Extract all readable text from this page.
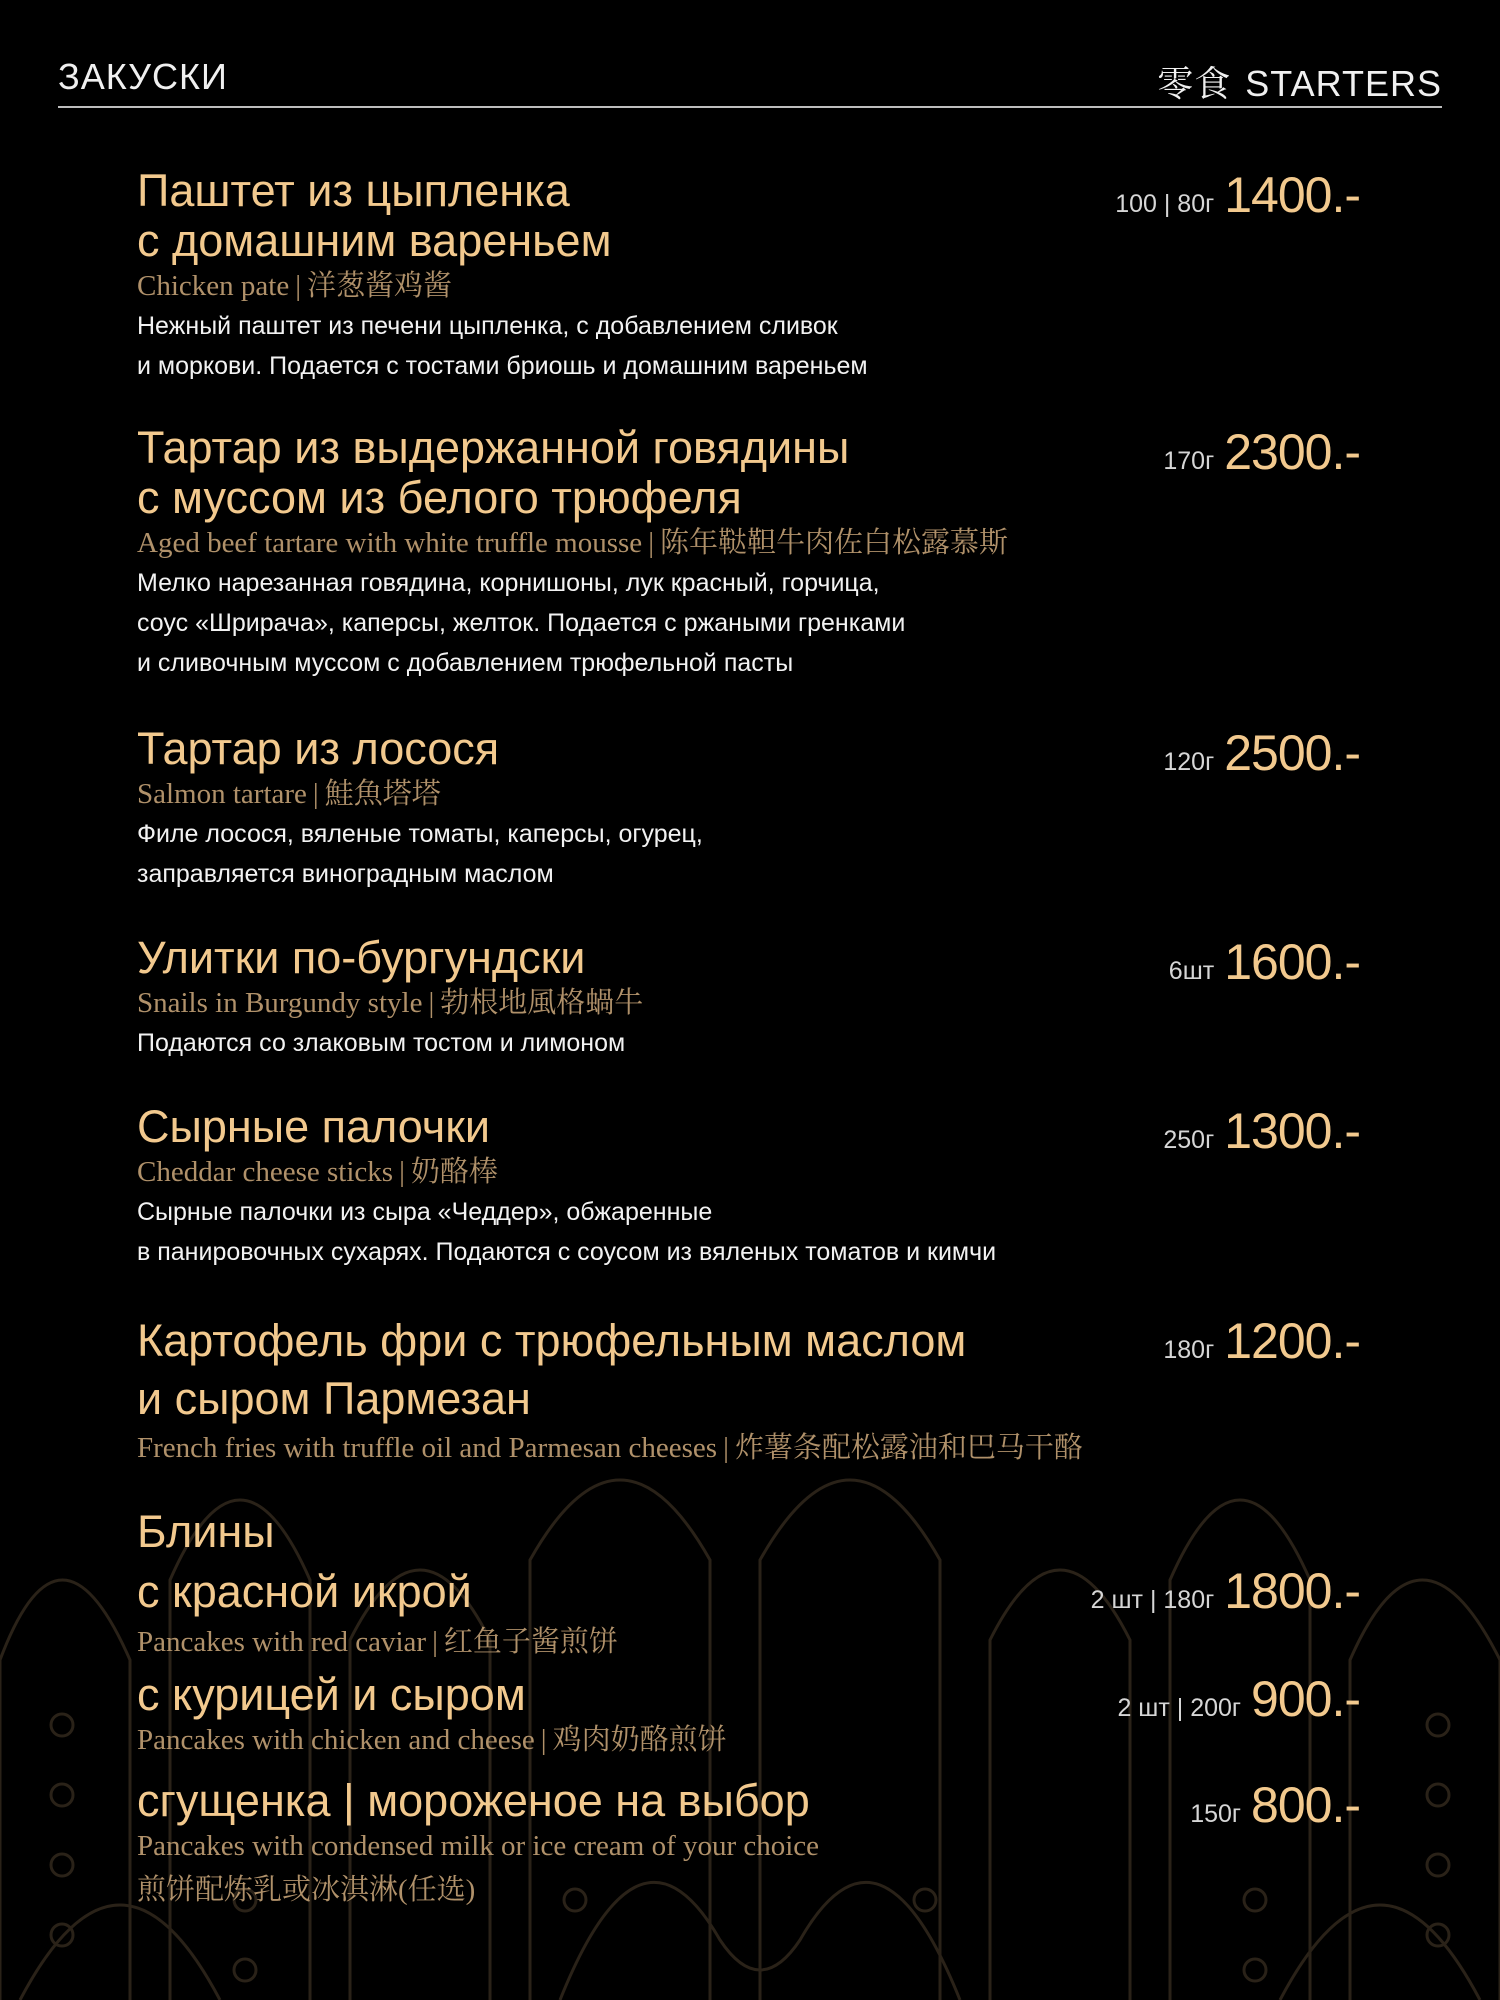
ЗАКУСКИ	零食 STARTERS
Паштет из цыпленка
с домашним вареньем
Chicken pate | 洋葱酱鸡酱
Нежный паштет из печени цыпленка, с добавлением сливок
и моркови. Подается с тостами бриошь и домашним вареньем
100 | 80г 1400.-
Тартар из выдержанной говядины
с муссом из белого трюфеля
Aged beef tartare with white truffle mousse | 陈年鞑靼牛肉佐白松露慕斯
Мелко нарезанная говядина, корнишоны, лук красный, горчица,
соус «Шрирача», каперсы, желток. Подается с ржаными гренками
и сливочным муссом с добавлением трюфельной пасты
170г 2300.-
Тартар из лосося
Salmon tartare | 鮭魚塔塔
Филе лосося, вяленые томаты, каперсы, огурец,
заправляется виноградным маслом
120г 2500.-
Улитки по-бургундски
Snails in Burgundy style | 勃根地風格蝸牛
Подаются со злаковым тостом и лимоном
6шт 1600.-
Сырные палочки
Cheddar cheese sticks | 奶酪棒
Сырные палочки из сыра «Чеддер», обжаренные
в панировочных сухарях. Подаются с соусом из вяленых томатов и кимчи
250г 1300.-
Картофель фри с трюфельным маслом
и сыром Пармезан
French fries with truffle oil and Parmesan cheeses | 炸薯条配松露油和巴马干酪
180г 1200.-
Блины
с красной икрой
Pancakes with red caviar | 红鱼子酱煎饼
2 шт | 180г 1800.-
с курицей и сыром
Pancakes with chicken and cheese | 鸡肉奶酪煎饼
2 шт | 200г 900.-
сгущенка | мороженое на выбор
Pancakes with condensed milk or ice cream of your choice
煎饼配炼乳或冰淇淋(任选)
150г 800.-
